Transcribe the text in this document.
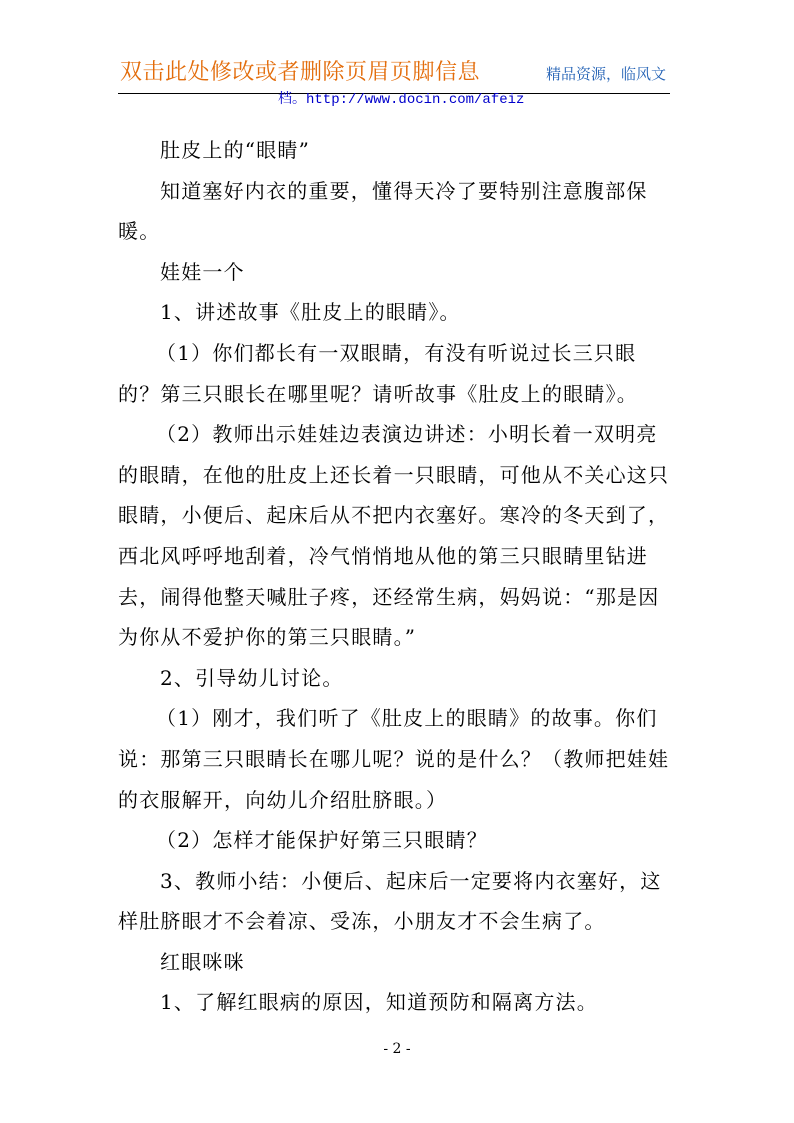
双击此处修改或者删除页眉页脚信息	精品资源，临风文
档。http://www.docin.com/afeiz

肚皮上的“眼睛”

知道塞好内衣的重要，懂得天冷了要特别注意腹部保暖。

娃娃一个

1、讲述故事《肚皮上的眼睛》。

（1）你们都长有一双眼睛，有没有听说过长三只眼的？第三只眼长在哪里呢？请听故事《肚皮上的眼睛》。

（2）教师出示娃娃边表演边讲述：小明长着一双明亮的眼睛，在他的肚皮上还长着一只眼睛，可他从不关心这只眼睛，小便后、起床后从不把内衣塞好。寒冷的冬天到了，西北风呼呼地刮着，冷气悄悄地从他的第三只眼睛里钻进去，闹得他整天喊肚子疼，还经常生病，妈妈说：“那是因为你从不爱护你的第三只眼睛。”

2、引导幼儿讨论。

（1）刚才，我们听了《肚皮上的眼睛》的故事。你们说：那第三只眼睛长在哪儿呢？说的是什么？（教师把娃娃的衣服解开，向幼儿介绍肚脐眼。）

（2）怎样才能保护好第三只眼睛？

3、教师小结：小便后、起床后一定要将内衣塞好，这样肚脐眼才不会着凉、受冻，小朋友才不会生病了。

红眼咪咪

1、了解红眼病的原因，知道预防和隔离方法。

- 2 -
